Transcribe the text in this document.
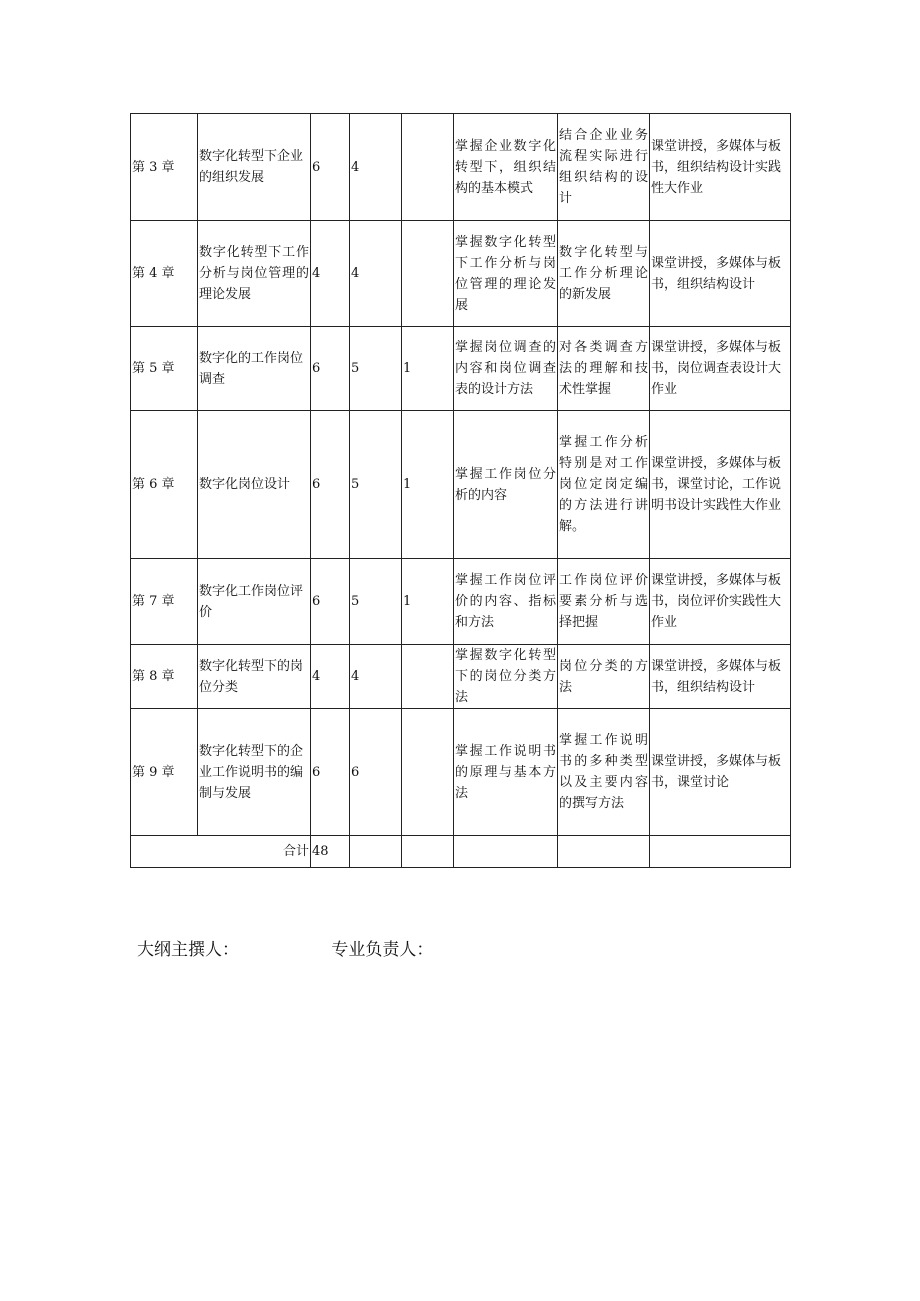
第 3 章	数字化转型下企业的组织发展	6	4		掌握企业数字化转型下，组织结构的基本模式	结合企业业务流程实际进行组织结构的设计	课堂讲授，多媒体与板书，组织结构设计实践性大作业
第 4 章	数字化转型下工作分析与岗位管理的理论发展	4	4		掌握数字化转型下工作分析与岗位管理的理论发展	数字化转型与工作分析理论的新发展	课堂讲授，多媒体与板书，组织结构设计
第 5 章	数字化的工作岗位调查	6	5	1	掌握岗位调查的内容和岗位调查表的设计方法	对各类调查方法的理解和技术性掌握	课堂讲授，多媒体与板书，岗位调查表设计大作业
第 6 章	数字化岗位设计	6	5	1	掌握工作岗位分析的内容	掌握工作分析特别是对工作岗位定岗定编的方法进行讲解。	课堂讲授，多媒体与板书，课堂讨论，工作说明书设计实践性大作业
第 7 章	数字化工作岗位评价	6	5	1	掌握工作岗位评价的内容、指标和方法	工作岗位评价要素分析与选择把握	课堂讲授，多媒体与板书，岗位评价实践性大作业
第 8 章	数字化转型下的岗位分类	4	4		掌握数字化转型下的岗位分类方法	岗位分类的方法	课堂讲授，多媒体与板书，组织结构设计
第 9 章	数字化转型下的企业工作说明书的编制与发展	6	6		掌握工作说明书的原理与基本方法	掌握工作说明书的多种类型以及主要内容的撰写方法	课堂讲授，多媒体与板书，课堂讨论
合计		48					
大纲主撰人：	专业负责人：
